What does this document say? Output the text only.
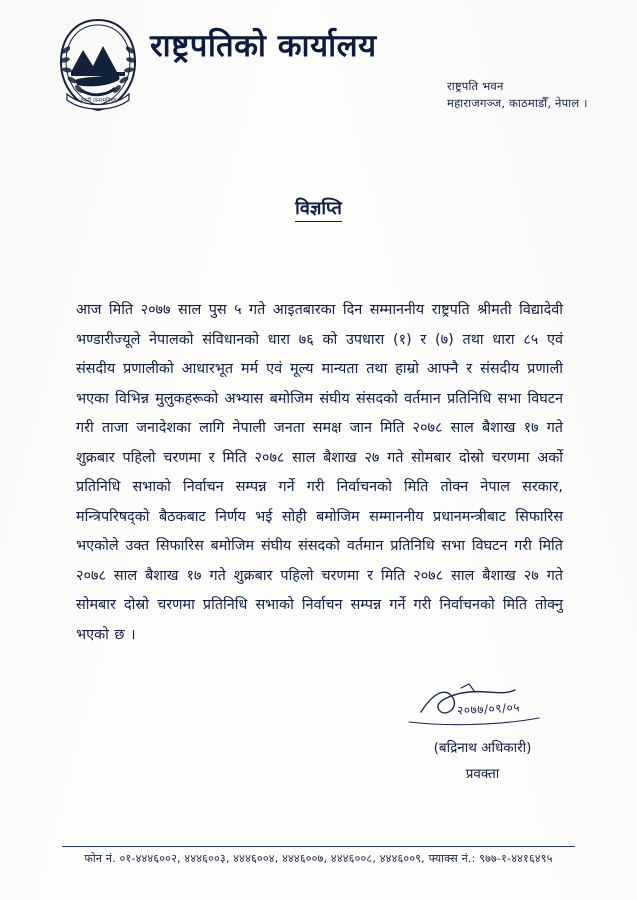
जननी जन्मभूमिश्च
राष्ट्रपतिको कार्यालय
राष्ट्रपति भवन
महाराजगञ्ज, काठमाडौँ, नेपाल ।
विज्ञप्ति

आज मिति २०७७ साल पुस ५ गते आइतबारका दिन सम्माननीय राष्ट्रपति श्रीमती विद्यादेवी भण्डारीज्यूले नेपालको संविधानको धारा ७६ को उपधारा (१) र (७) तथा धारा ८५ एवं संसदीय प्रणालीको आधारभूत मर्म एवं मूल्य मान्यता तथा हाम्रो आफ्नै र संसदीय प्रणाली भएका विभिन्न मुलुकहरूको अभ्यास बमोजिम संघीय संसदको वर्तमान प्रतिनिधि सभा विघटन गरी ताजा जनादेशका लागि नेपाली जनता समक्ष जान मिति २०७८ साल बैशाख १७ गते शुक्रबार पहिलो चरणमा र मिति २०७८ साल बैशाख २७ गते सोमबार दोस्रो चरणमा अर्को प्रतिनिधि सभाको निर्वाचन सम्पन्न गर्ने गरी निर्वाचनको मिति तोक्न नेपाल सरकार, मन्त्रिपरिषद्को बैठकबाट निर्णय भई सोही बमोजिम सम्माननीय प्रधानमन्त्रीबाट सिफारिस भएकोले उक्त सिफारिस बमोजिम संघीय संसदको वर्तमान प्रतिनिधि सभा विघटन गरी मिति २०७८ साल बैशाख १७ गते शुक्रबार पहिलो चरणमा र मिति २०७८ साल बैशाख २७ गते सोमबार दोस्रो चरणमा प्रतिनिधि सभाको निर्वाचन सम्पन्न गर्ने गरी निर्वाचनको मिति तोक्नु भएको छ ।

२०७७/०९/०५
(बद्रिनाथ अधिकारी)
प्रवक्ता
फोन नं. ०१-४४४६००२, ४४४६००३, ४४४६००४, ४४४६००७, ४४४६००८, ४४४६००९, फ्याक्स नं.: ९७७-१-४४१६४९५
